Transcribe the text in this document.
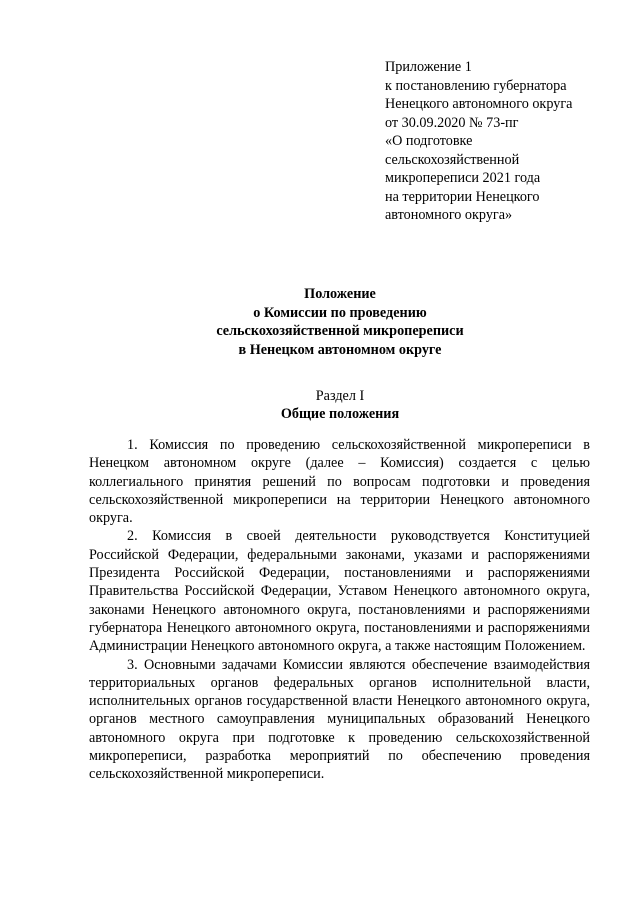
Приложение 1
к постановлению губернатора
Ненецкого автономного округа
от 30.09.2020 № 73-пг
«О подготовке
сельскохозяйственной
микропереписи 2021 года
на территории Ненецкого
автономного округа»
Положение
о Комиссии по проведению
сельскохозяйственной микропереписи
в Ненецком автономном округе
Раздел I
Общие положения

1. Комиссия по проведению сельскохозяйственной микропереписи в Ненецком автономном округе (далее – Комиссия) создается с целью коллегиального принятия решений по вопросам подготовки и проведения сельскохозяйственной микропереписи на территории Ненецкого автономного округа.

2. Комиссия в своей деятельности руководствуется Конституцией Российской Федерации, федеральными законами, указами и распоряжениями Президента Российской Федерации, постановлениями и распоряжениями Правительства Российской Федерации, Уставом Ненецкого автономного округа, законами Ненецкого автономного округа, постановлениями и распоряжениями губернатора Ненецкого автономного округа, постановлениями и распоряжениями Администрации Ненецкого автономного округа, а также настоящим Положением.

3. Основными задачами Комиссии являются обеспечение взаимодействия территориальных органов федеральных органов исполнительной власти, исполнительных органов государственной власти Ненецкого автономного округа, органов местного самоуправления муниципальных образований Ненецкого автономного округа при подготовке к проведению сельскохозяйственной микропереписи, разработка мероприятий по обеспечению проведения сельскохозяйственной микропереписи.
